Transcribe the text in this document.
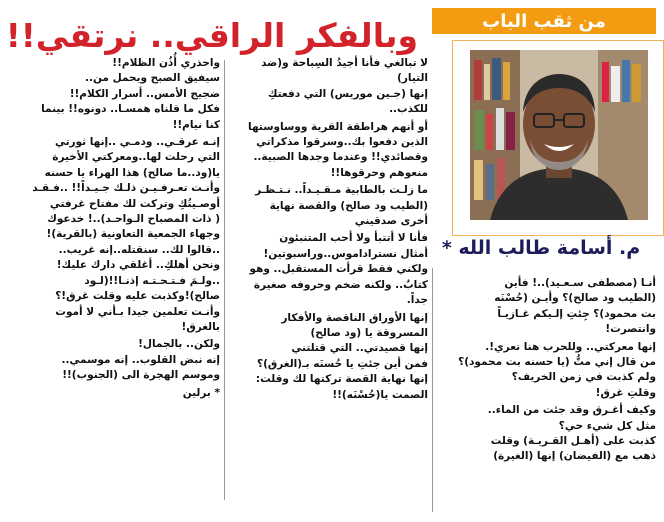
وبالفكر الراقي.. نرتقي!!	من ثقب الباب
م. أسامة طالب الله *

أنـا (مصطفى سـعـيد)..! فأين

(الطيب ود صالح)؟ وأيـن (حُسْنَه

بت محمود)؟ جِئتِ إلـيكم غـازيـاً

وانتصرت!

إنها معركتي.. وللحرب هنا تعري!.

من قال إني متُّ (يا حسنه بت محمود)؟

ولم كذبت في زمن الخريف؟

وقلتِ غرق!

وكيف أغـرق وقد جئت من الماء..

مثل كل شيء حي؟

كذبت على (أهـل القـريـة) وقلت

ذهب مع (الفيضان) إنها (الغيرة)

لا تبالغي فأنا أجيدُ السِباحة و(ضد

التيار)

إنها (جـين موريس) التي دفعتكِ

للكذب..

أو أنهم هراطقة القرية ووساوستها

الذين دفعوا بك..وسرقوا مذكراتي

وقصائدي!! وعندما وجدها الصبية..

منعوهم وحرقوها!!

ما زلـت بالطابية مـقـيـداً.. نـتـظـر

(الطيب ود صالح) والقصة نهاية

أخرى صدقيني

فأنا لا أتتبأ ولا أحب المتنبئون

أمثال نستراداموس..وراسبوتين!

ولكني فقط قرأت المستقبل.. وهو

كتابٌ.. ولكنه ضخم وحروفه صغيرة

جداً.

إنها الأوراق الناقصة والأفكار

المسروقة يا (ود صالح)

إنها قصيدتي.. التي قتلتني

فمن أين جئتِ يا حُسنَه بـ(الغرق)؟

إنها نهاية القصة تركتها لك وقلت:

الصمت يا(حُسْنَه)!!

واحذري أُذُن الظلام!!

سيفيق الصبح ويحمل من..

ضجيج الأمس.. أسرار الكلام!!

فكل ما قلناه همسـا.. دونوه!! بينما

كنا نيام!!

إنـه عرقـي.. ودمـي ..إنها ثورتي

التي رحلت لها..ومعركتي الأخيرة

يا(ود..ما صالح) هذا الهراء يا حسنه

وأنـت تعـرفـيـن ذلـك جـيـداً!! ..فـقـد

أوصـيتُكِ وتركت لك مفتاح غرفتي

( ذات المصباح الـواحـد)..! خدعوك

وجهاء الجمعية التعاونية (بالقرية)!

..قالوا لك.. سنقتله..إنه غريب..

ونحن أهلكِ.. أغلقي دارك عليك!

..ولـمَ فـتـحـتـه إذنـا!!(لـود

صالح)!وكذبت عليه وقلت غرق!؟

وأنـت تعلمين جيدا بـأني لا أموت

بالغرق!

ولكن.. بالجمال!

إنه نبض القلوب.. إنه موسمي..

وموسم الهجرة الى (الجنوب)!!

* برلين
